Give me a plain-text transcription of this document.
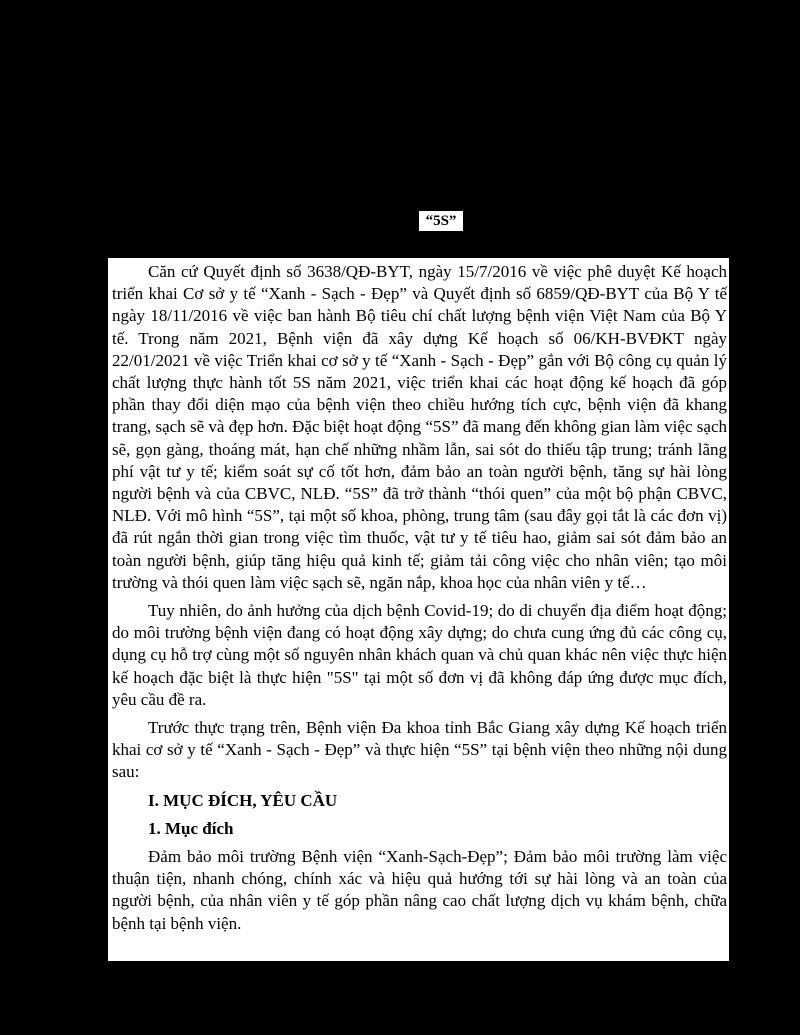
“5S”

Căn cứ Quyết định số 3638/QĐ-BYT, ngày 15/7/2016 về việc phê duyệt Kế hoạch triển khai Cơ sở y tế “Xanh - Sạch - Đẹp” và Quyết định số 6859/QĐ-BYT của Bộ Y tế ngày 18/11/2016 về việc ban hành Bộ tiêu chí chất lượng bệnh viện Việt Nam của Bộ Y tế. Trong năm 2021, Bệnh viện đã xây dựng Kế hoạch số 06/KH-BVĐKT ngày 22/01/2021 về việc Triển khai cơ sở y tế “Xanh - Sạch - Đẹp” gắn với Bộ công cụ quản lý chất lượng thực hành tốt 5S năm 2021, việc triển khai các hoạt động kế hoạch đã góp phần thay đổi diện mạo của bệnh viện theo chiều hướng tích cực, bệnh viện đã khang trang, sạch sẽ và đẹp hơn. Đặc biệt hoạt động “5S” đã mang đến không gian làm việc sạch sẽ, gọn gàng, thoáng mát, hạn chế những nhầm lẫn, sai sót do thiếu tập trung; tránh lãng phí vật tư y tế; kiểm soát sự cố tốt hơn, đảm bảo an toàn người bệnh, tăng sự hài lòng người bệnh và của CBVC, NLĐ. “5S” đã trở thành “thói quen” của một bộ phận CBVC, NLĐ. Với mô hình “5S”, tại một số khoa, phòng, trung tâm (sau đây gọi tắt là các đơn vị) đã rút ngắn thời gian trong việc tìm thuốc, vật tư y tế tiêu hao, giảm sai sót đảm bảo an toàn người bệnh, giúp tăng hiệu quả kinh tế; giảm tải công việc cho nhân viên; tạo môi trường và thói quen làm việc sạch sẽ, ngăn nắp, khoa học của nhân viên y tế…

Tuy nhiên, do ảnh hưởng của dịch bệnh Covid-19; do di chuyển địa điểm hoạt động; do môi trường bệnh viện đang có hoạt động xây dựng; do chưa cung ứng đủ các công cụ, dụng cụ hỗ trợ cùng một số nguyên nhân khách quan và chủ quan khác nên việc thực hiện kế hoạch đặc biệt là thực hiện "5S" tại một số đơn vị đã không đáp ứng được mục đích, yêu cầu đề ra.

Trước thực trạng trên, Bệnh viện Đa khoa tỉnh Bắc Giang xây dựng Kế hoạch triển khai cơ sở y tế “Xanh - Sạch - Đẹp” và thực hiện “5S” tại bệnh viện theo những nội dung sau:

I. MỤC ĐÍCH, YÊU CẦU
1. Mục đích

Đảm bảo môi trường Bệnh viện “Xanh-Sạch-Đẹp”; Đảm bảo môi trường làm việc thuận tiện, nhanh chóng, chính xác và hiệu quả hướng tới sự hài lòng và an toàn của người bệnh, của nhân viên y tế góp phần nâng cao chất lượng dịch vụ khám bệnh, chữa bệnh tại bệnh viện.
